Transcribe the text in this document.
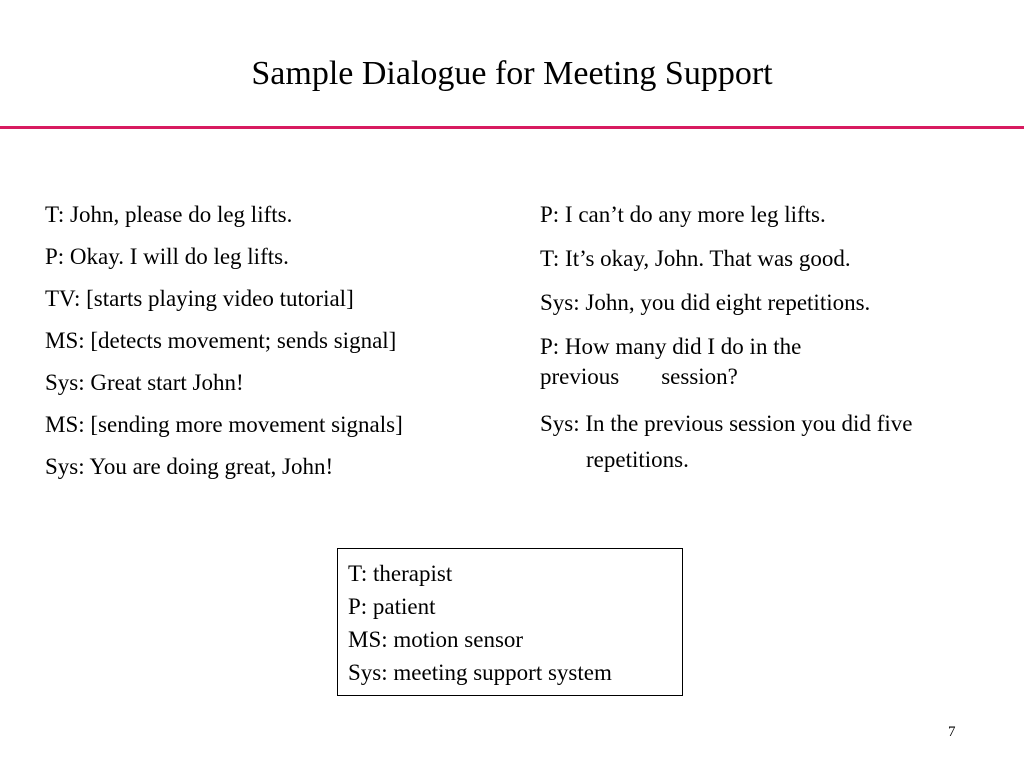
Sample Dialogue for Meeting Support
T: John, please do leg lifts.
P: Okay. I will do leg lifts.
TV: [starts playing video tutorial]
MS: [detects movement; sends signal]
Sys: Great start John!
MS: [sending more movement signals]
Sys: You are doing great, John!
P: I can’t do any more leg lifts.
T: It’s okay, John. That was good.
Sys: John, you did eight repetitions.
P: How many did I do in the
previous session?
Sys: In the previous session you did five repetitions.
T: therapist
P: patient
MS: motion sensor
Sys: meeting support system
7
